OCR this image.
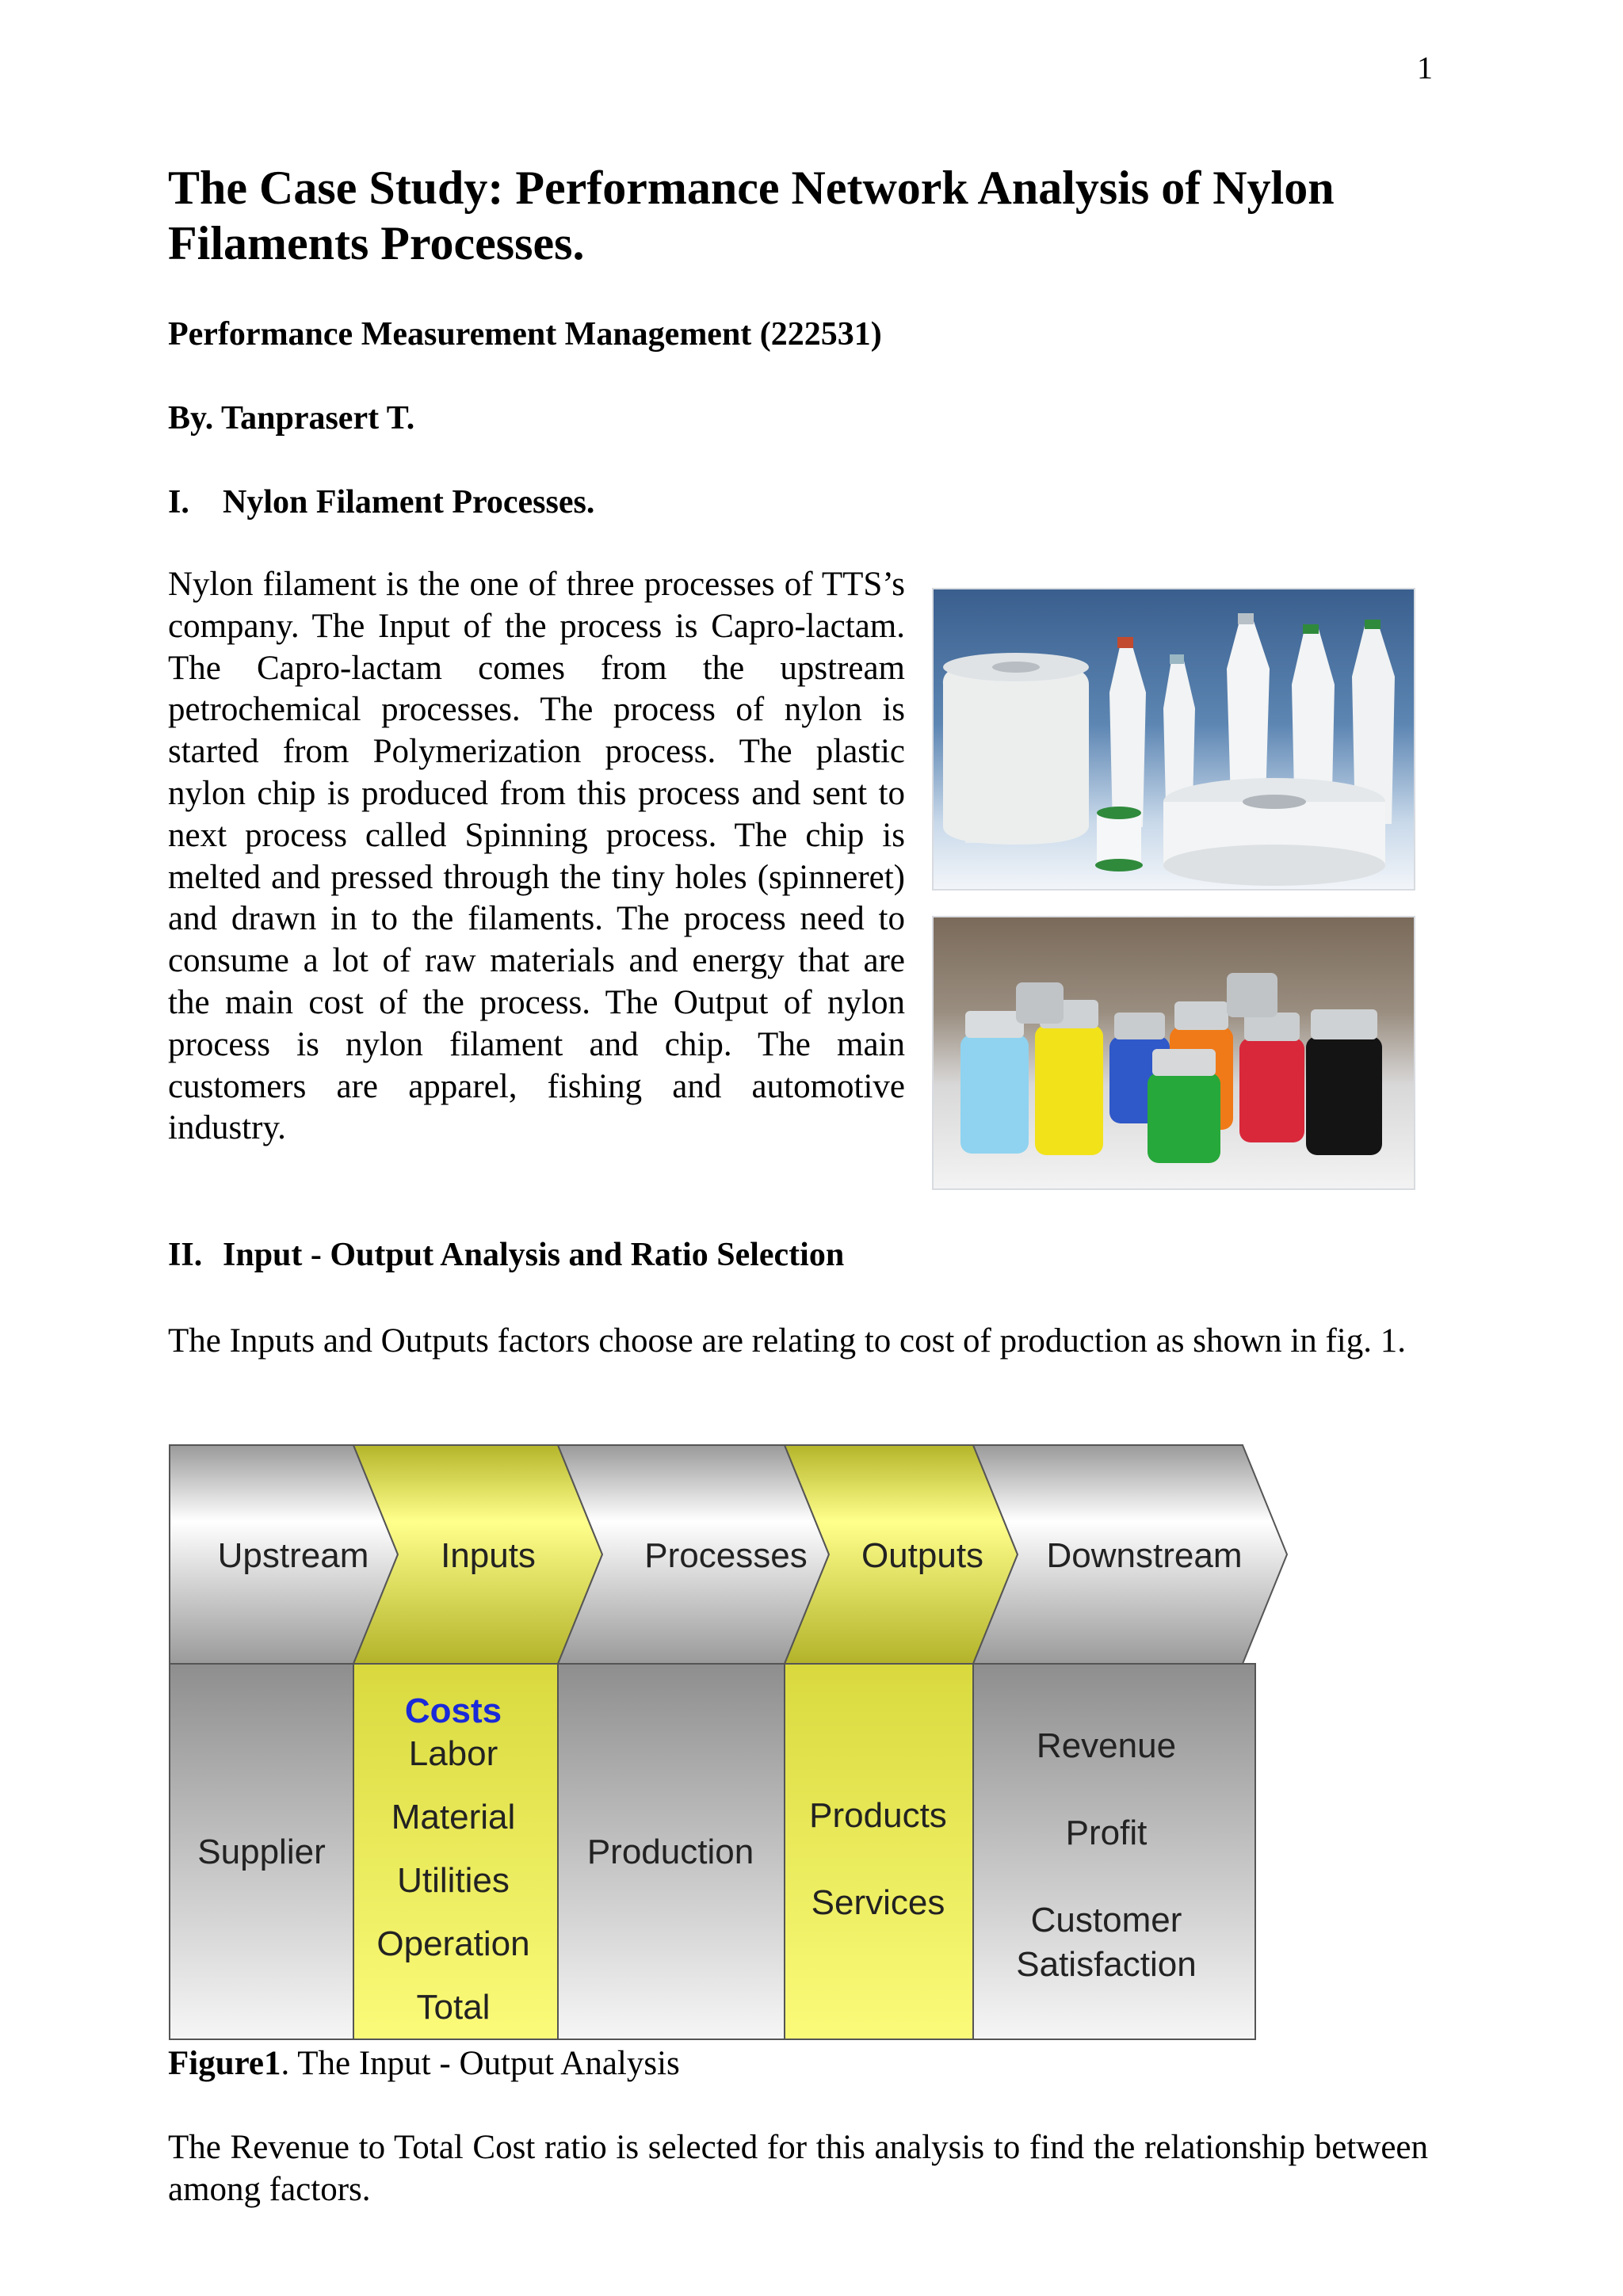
1
The Case Study: Performance Network Analysis of Nylon Filaments Processes.

Performance Measurement Management (222531)

By. Tanprasert T.

I. Nylon Filament Processes.

Nylon filament is the one of three processes of TTS’s company. The Input of the process is Capro-lactam. The Capro-lactam comes from the upstream petrochemical processes. The process of nylon is started from Polymerization process. The plastic nylon chip is produced from this process and sent to next process called Spinning process. The chip is melted and pressed through the tiny holes (spinneret) and drawn in to the filaments. The process need to consume a lot of raw materials and energy that are the main cost of the process. The Output of nylon process is nylon filament and chip. The main customers are apparel, fishing and automotive industry.

II. Input - Output Analysis and Ratio Selection

The Inputs and Outputs factors choose are relating to cost of production as shown in fig. 1.

Upstream Inputs	Processes Outputs Downstream
Supplier
Costs
Labor
Material
Utilities
Operation
Total
Production
Products
Services
Revenue
Profit
Customer
Satisfaction

Figure1. The Input - Output Analysis

The Revenue to Total Cost ratio is selected for this analysis to find the relationship between among factors.
